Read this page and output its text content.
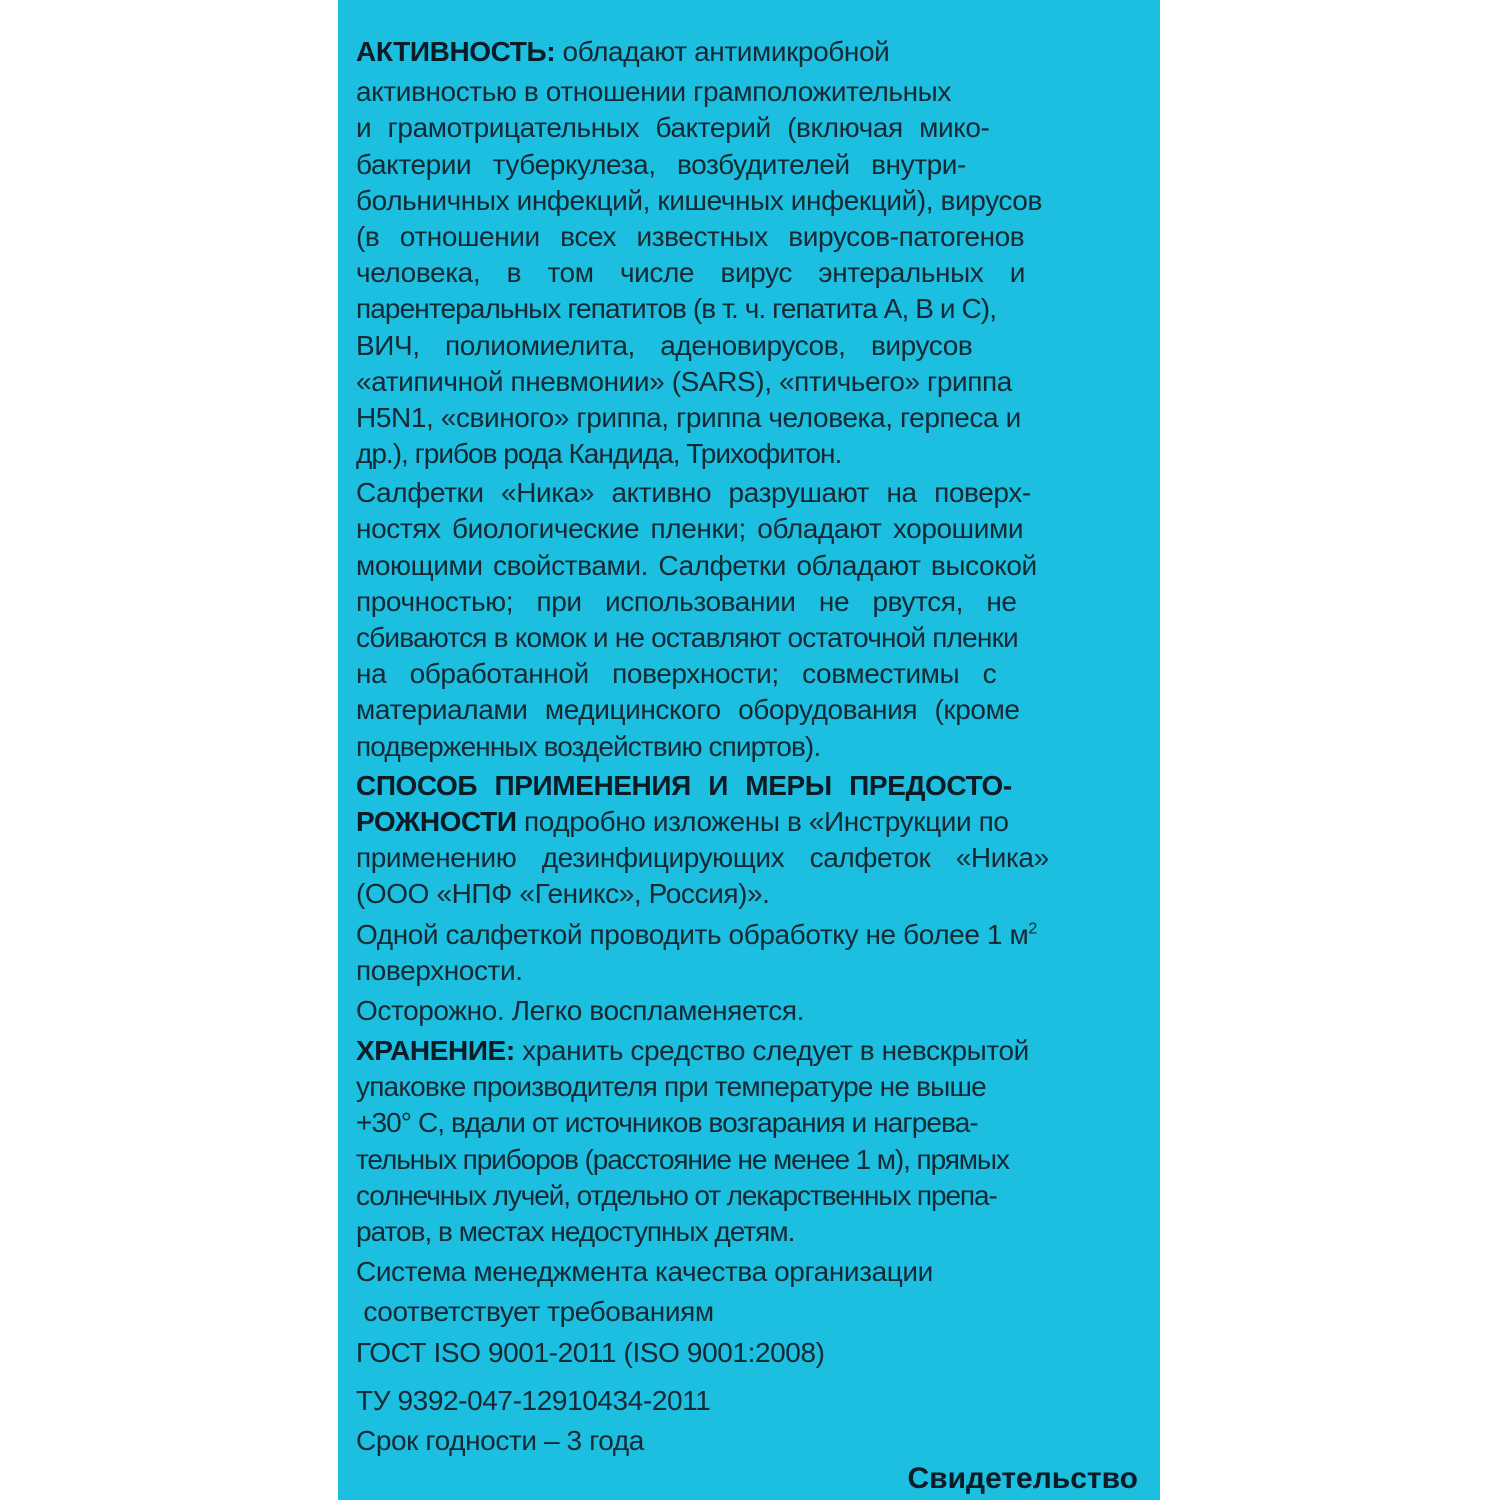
АКТИВНОСТЬ: обладают антимикробной
активностью в отношении грамположительных
и грамотрицательных бактерий (включая мико-
бактерии туберкулеза, возбудителей внутри-
больничных инфекций, кишечных инфекций), вирусов
(в отношении всех известных вирусов-патогенов
человека, в том числе вирус энтеральных и
парентеральных гепатитов (в т. ч. гепатита А, В и С),
ВИЧ, полиомиелита, аденовирусов, вирусов
«атипичной пневмонии» (SARS), «птичьего» гриппа
H5N1, «свиного» гриппа, гриппа человека, герпеса и
др.), грибов рода Кандида, Трихофитон.
Салфетки «Ника» активно разрушают на поверх-
ностях биологические пленки; обладают хорошими
моющими свойствами. Салфетки обладают высокой
прочностью; при использовании не рвутся, не
сбиваются в комок и не оставляют остаточной пленки
на обработанной поверхности; совместимы с
материалами медицинского оборудования (кроме
подверженных воздействию спиртов).
СПОСОБ ПРИМЕНЕНИЯ И МЕРЫ ПРЕДОСТО-
РОЖНОСТИ подробно изложены в «Инструкции по
применению дезинфицирующих салфеток «Ника»
(ООО «НПФ «Геникс», Россия)».
Одной салфеткой проводить обработку не более 1 $м^2$
поверхности.
Осторожно. Легко воспламеняется.
ХРАНЕНИЕ: хранить средство следует в невскрытой
упаковке производителя при температуре не выше
+30° С, вдали от источников возгарания и нагрева-
тельных приборов (расстояние не менее 1 м), прямых
солнечных лучей, отдельно от лекарственных препа-
ратов, в местах недоступных детям.
Система менеджмента качества организации
соответствует требованиям
ГОСТ ISO 9001-2011 (ISO 9001:2008)
ТУ 9392-047-12910434-2011
Срок годности – 3 года
Свидетельство
